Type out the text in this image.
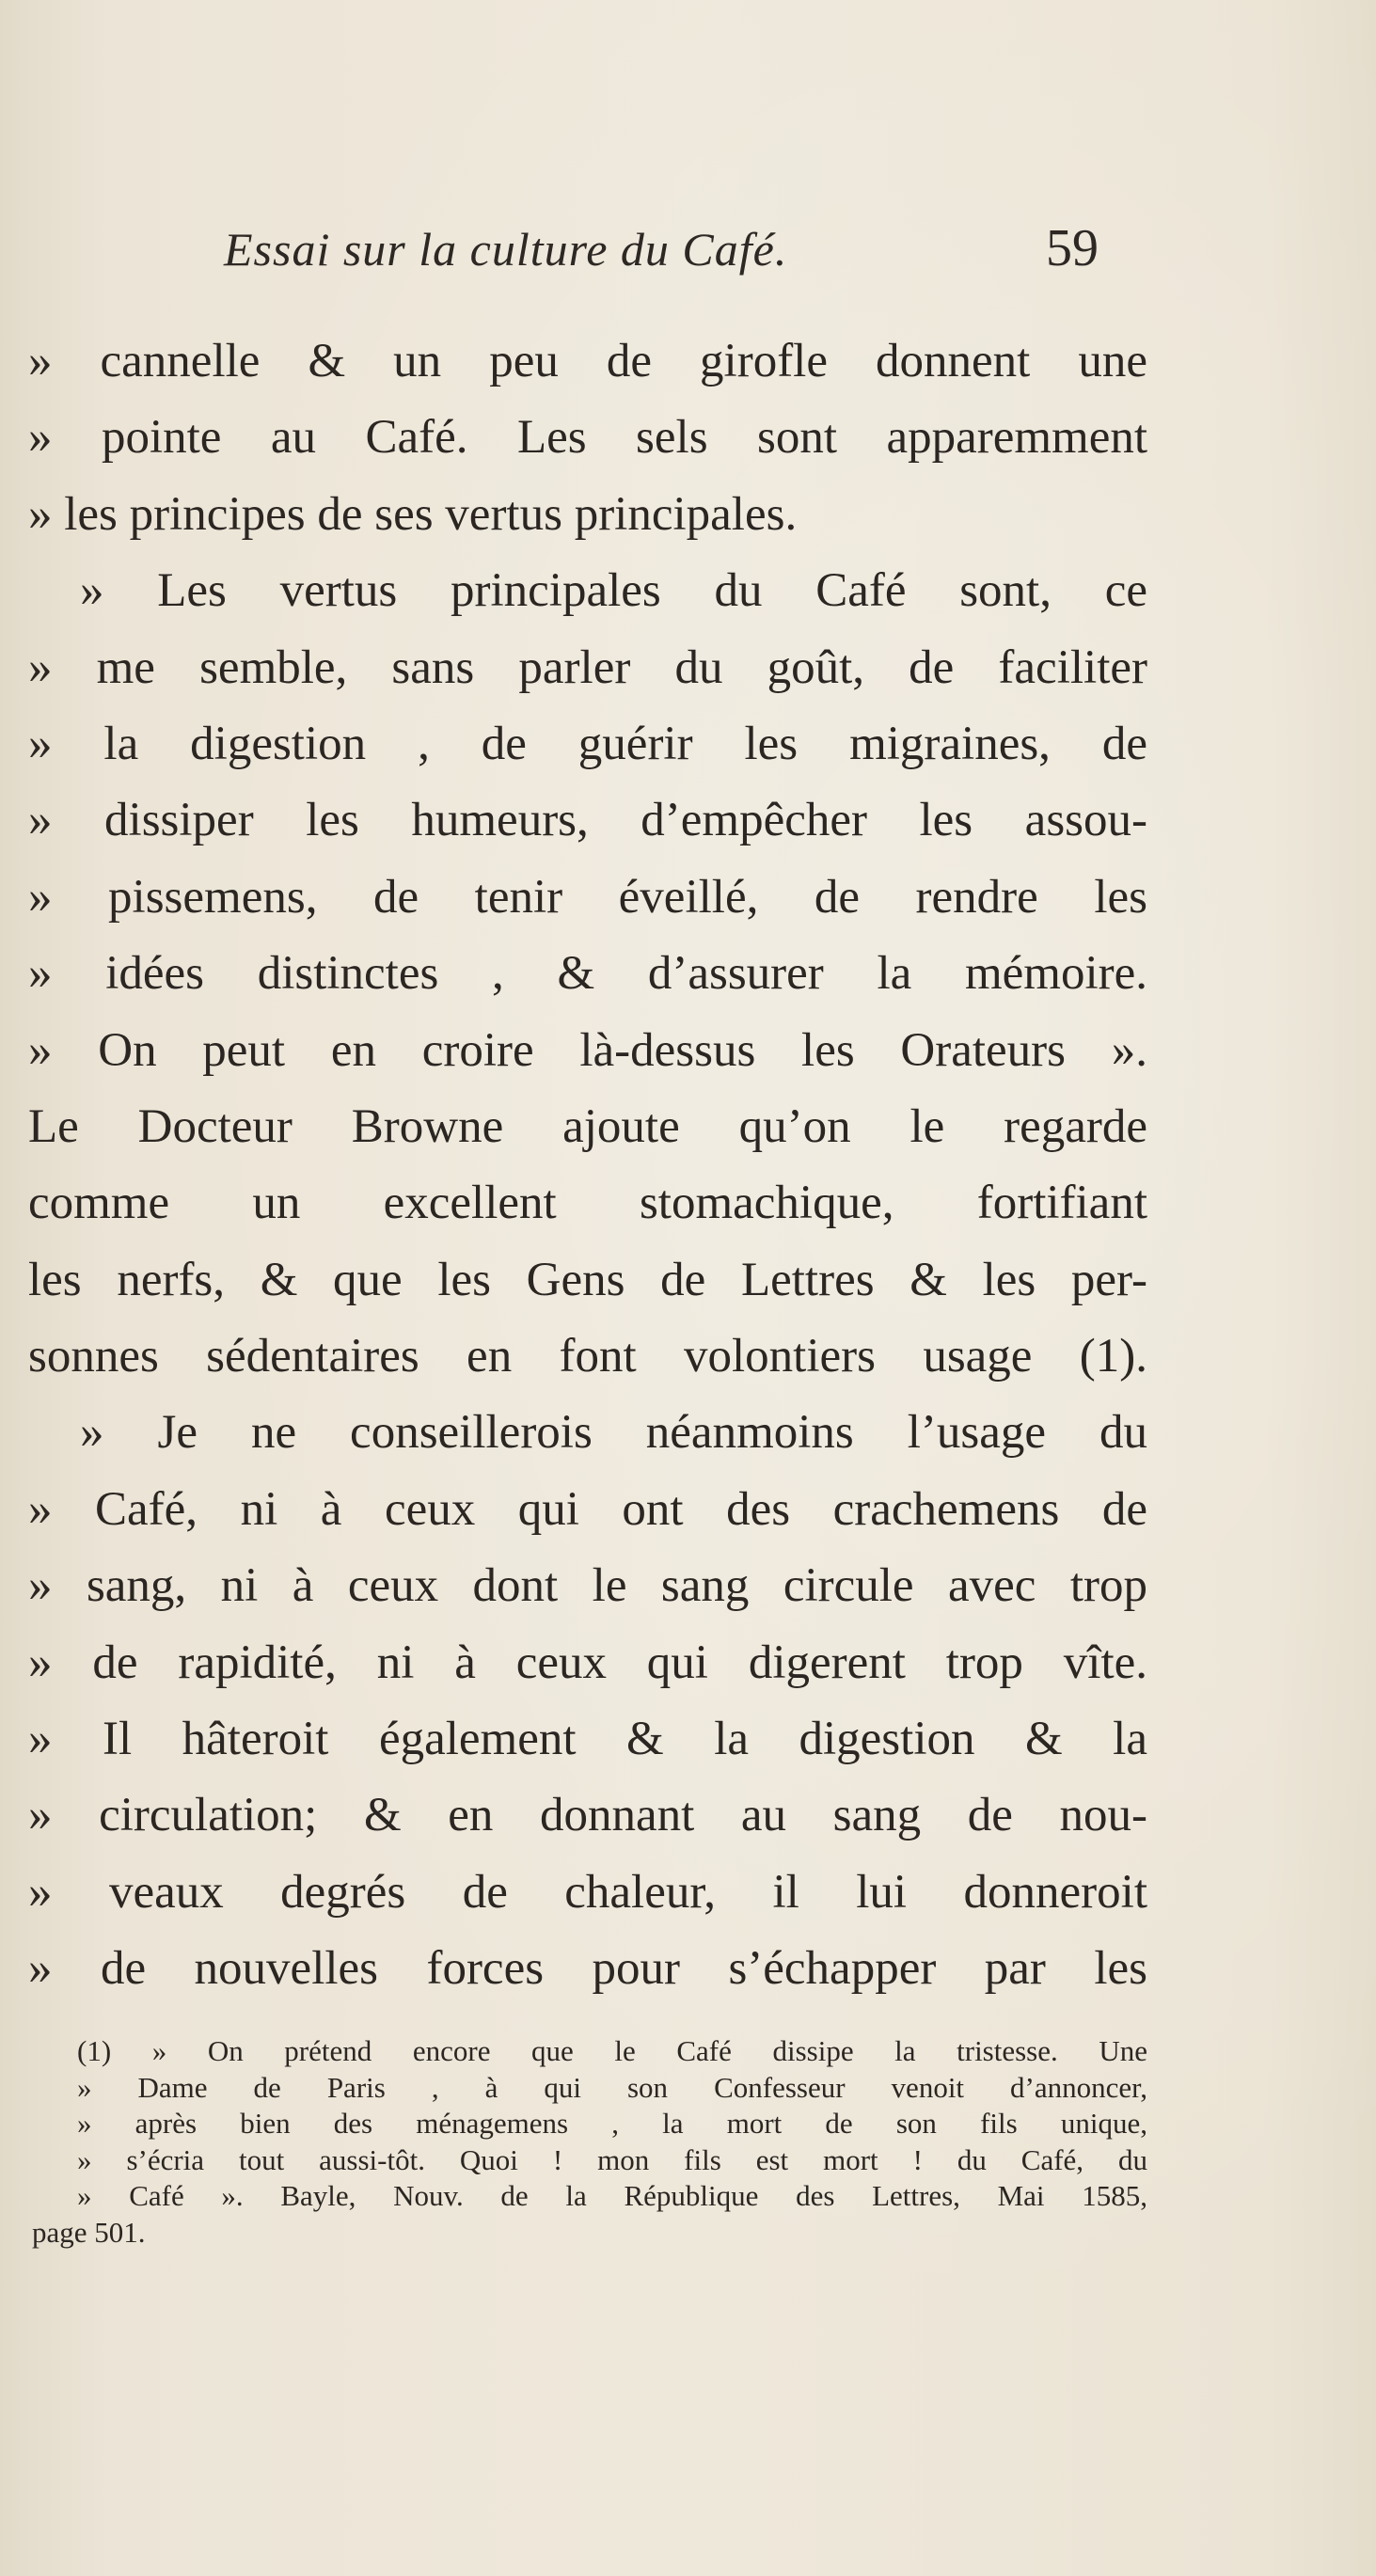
Essai sur la culture du Café.	59
» cannelle & un peu de girofle donnent une
» pointe au Café. Les sels sont apparemment
» les principes de ses vertus principales.
» Les vertus principales du Café sont, ce
» me semble, sans parler du goût, de faciliter
» la digestion , de guérir les migraines, de
» dissiper les humeurs, d’empêcher les assou-
» pissemens, de tenir éveillé, de rendre les
» idées distinctes , & d’assurer la mémoire.
» On peut en croire là-dessus les Orateurs ».
Le Docteur Browne ajoute qu’on le regarde
comme un excellent stomachique, fortifiant
les nerfs, & que les Gens de Lettres & les per-
sonnes sédentaires en font volontiers usage (1).
» Je ne conseillerois néanmoins l’usage du
» Café, ni à ceux qui ont des crachemens de
» sang, ni à ceux dont le sang circule avec trop
» de rapidité, ni à ceux qui digerent trop vîte.
» Il hâteroit également & la digestion & la
» circulation; & en donnant au sang de nou-
» veaux degrés de chaleur, il lui donneroit
» de nouvelles forces pour s’échapper par les
(1) » On prétend encore que le Café dissipe la tristesse. Une
» Dame de Paris , à qui son Confesseur venoit d’annoncer,
» après bien des ménagemens , la mort de son fils unique,
» s’écria tout aussi-tôt. Quoi ! mon fils est mort ! du Café, du
» Café ». Bayle, Nouv. de la République des Lettres, Mai 1585,
page 501.
